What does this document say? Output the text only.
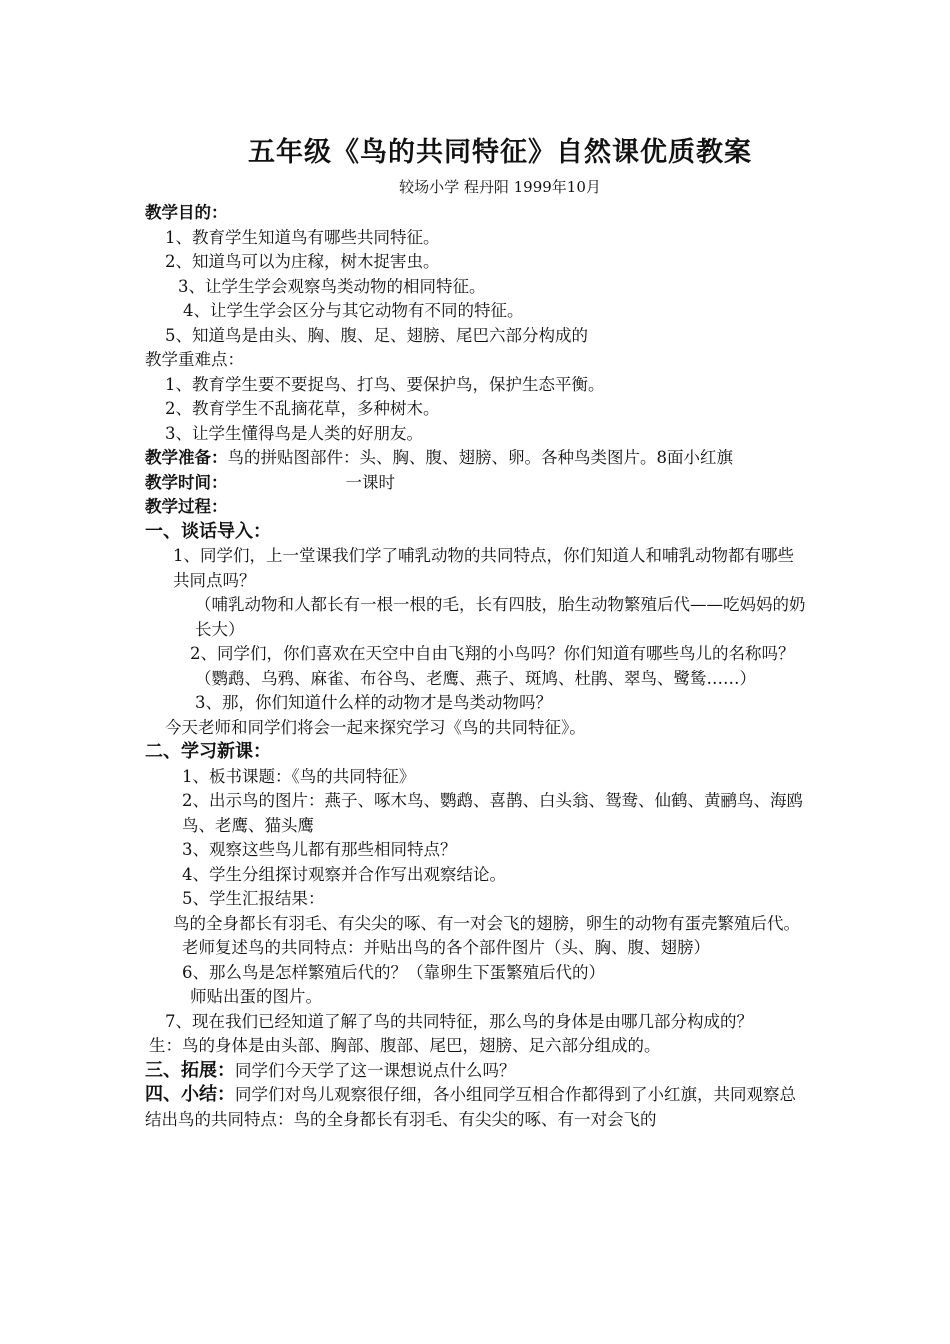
五年级《鸟的共同特征》自然课优质教案
较场小学 程丹阳 1999年10月

教学目的：

1、教育学生知道鸟有哪些共同特征。

2、知道鸟可以为庄稼，树木捉害虫。

3、让学生学会观察鸟类动物的相同特征。

4、让学生学会区分与其它动物有不同的特征。

5、知道鸟是由头、胸、腹、足、翅膀、尾巴六部分构成的

教学重难点：

1、教育学生要不要捉鸟、打鸟、要保护鸟，保护生态平衡。

2、教育学生不乱摘花草，多种树木。

3、让学生懂得鸟是人类的好朋友。

教学准备：鸟的拼贴图部件：头、胸、腹、翅膀、卵。各种鸟类图片。8面小红旗

教学时间：	一课时

教学过程：

一、谈话导入：

1、同学们，上一堂课我们学了哺乳动物的共同特点，你们知道人和哺乳动物都有哪些共同点吗？

（哺乳动物和人都长有一根一根的毛，长有四肢，胎生动物繁殖后代——吃妈妈的奶长大）

2、同学们，你们喜欢在天空中自由飞翔的小鸟吗？你们知道有哪些鸟儿的名称吗？

（鹦鹉、乌鸦、麻雀、布谷鸟、老鹰、燕子、斑鸠、杜鹃、翠鸟、鹭鸶……）

3、那，你们知道什么样的动物才是鸟类动物吗？

今天老师和同学们将会一起来探究学习《鸟的共同特征》。

二、学习新课：

1、板书课题：《鸟的共同特征》

2、出示鸟的图片：燕子、啄木鸟、鹦鹉、喜鹊、白头翁、鸳鸯、仙鹤、黄鹂鸟、海鸥鸟、老鹰、猫头鹰

3、观察这些鸟儿都有那些相同特点？

4、学生分组探讨观察并合作写出观察结论。

5、学生汇报结果：

鸟的全身都长有羽毛、有尖尖的啄、有一对会飞的翅膀，卵生的动物有蛋壳繁殖后代。

老师复述鸟的共同特点：并贴出鸟的各个部件图片（头、胸、腹、翅膀）

6、那么鸟是怎样繁殖后代的？（靠卵生下蛋繁殖后代的）

师贴出蛋的图片。

7、现在我们已经知道了解了鸟的共同特征，那么鸟的身体是由哪几部分构成的？

生：鸟的身体是由头部、胸部、腹部、尾巴，翅膀、足六部分组成的。

三、拓展：同学们今天学了这一课想说点什么吗？

四、小结：同学们对鸟儿观察很仔细，各小组同学互相合作都得到了小红旗，共同观察总结出鸟的共同特点：鸟的全身都长有羽毛、有尖尖的啄、有一对会飞的
